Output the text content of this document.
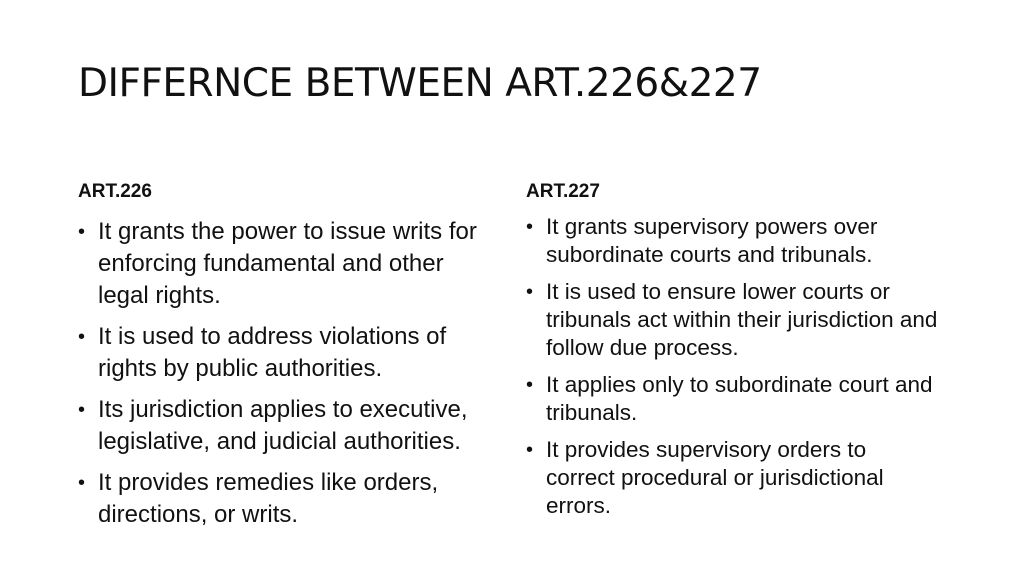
DIFFERNCE BETWEEN ART.226&227
ART.226
• It grants the power to issue writs for enforcing fundamental and other legal rights.
• It is used to address violations of rights by public authorities.
• Its jurisdiction applies to executive, legislative, and judicial authorities.
• It provides remedies like orders, directions, or writs.
ART.227
• It grants supervisory powers over subordinate courts and tribunals.
• It is used to ensure lower courts or tribunals act within their jurisdiction and follow due process.
• It applies only to subordinate court and tribunals.
• It provides supervisory orders to correct procedural or jurisdictional errors.
